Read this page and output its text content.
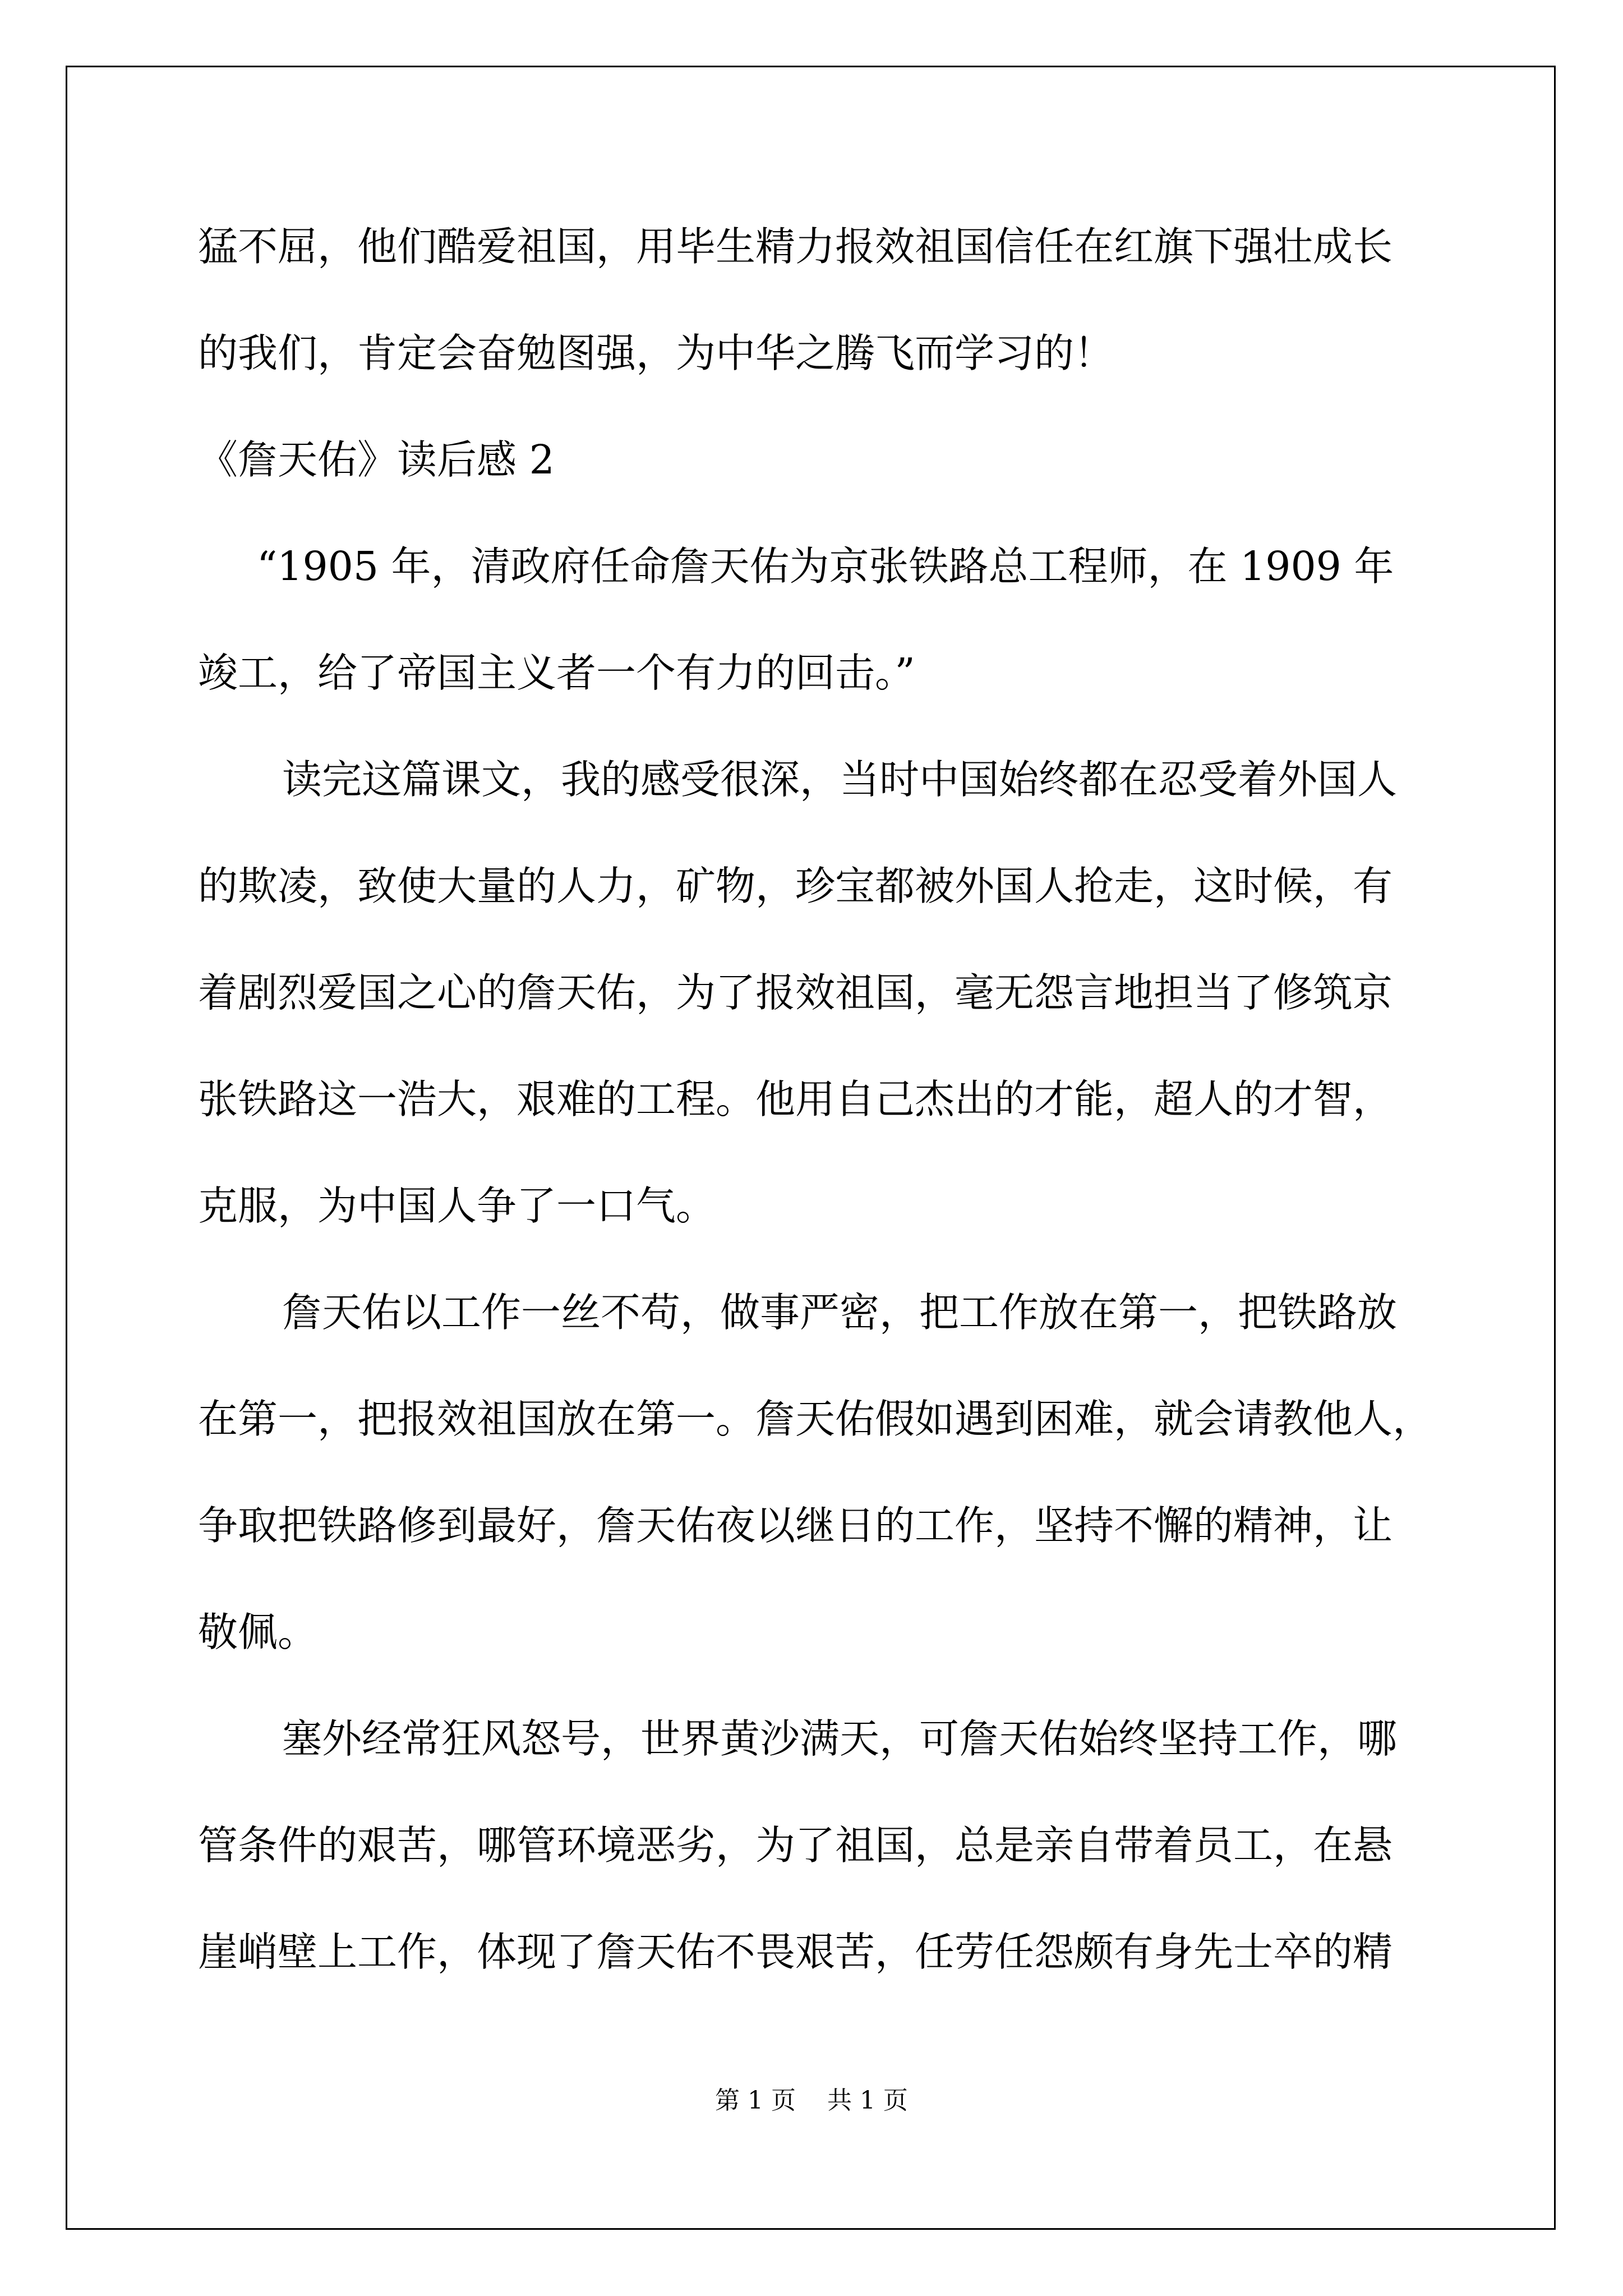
猛不屈，他们酷爱祖国，用毕生精力报效祖国信任在红旗下强壮成长
的我们，肯定会奋勉图强，为中华之腾飞而学习的！
《詹天佑》读后感 2
“1905 年，清政府任命詹天佑为京张铁路总工程师，在 1909 年
竣工，给了帝国主义者一个有力的回击。”
读完这篇课文，我的感受很深，当时中国始终都在忍受着外国人
的欺凌，致使大量的人力，矿物，珍宝都被外国人抢走，这时候，有
着剧烈爱国之心的詹天佑，为了报效祖国，毫无怨言地担当了修筑京
张铁路这一浩大，艰难的工程。他用自己杰出的才能，超人的才智，
克服，为中国人争了一口气。
詹天佑以工作一丝不苟，做事严密，把工作放在第一，把铁路放
在第一，把报效祖国放在第一。詹天佑假如遇到困难，就会请教他人，
争取把铁路修到最好，詹天佑夜以继日的工作，坚持不懈的精神，让
敬佩。
塞外经常狂风怒号，世界黄沙满天，可詹天佑始终坚持工作，哪
管条件的艰苦，哪管环境恶劣，为了祖国，总是亲自带着员工，在悬
崖峭壁上工作，体现了詹天佑不畏艰苦，任劳任怨颇有身先士卒的精
第 1 页    共 1 页
